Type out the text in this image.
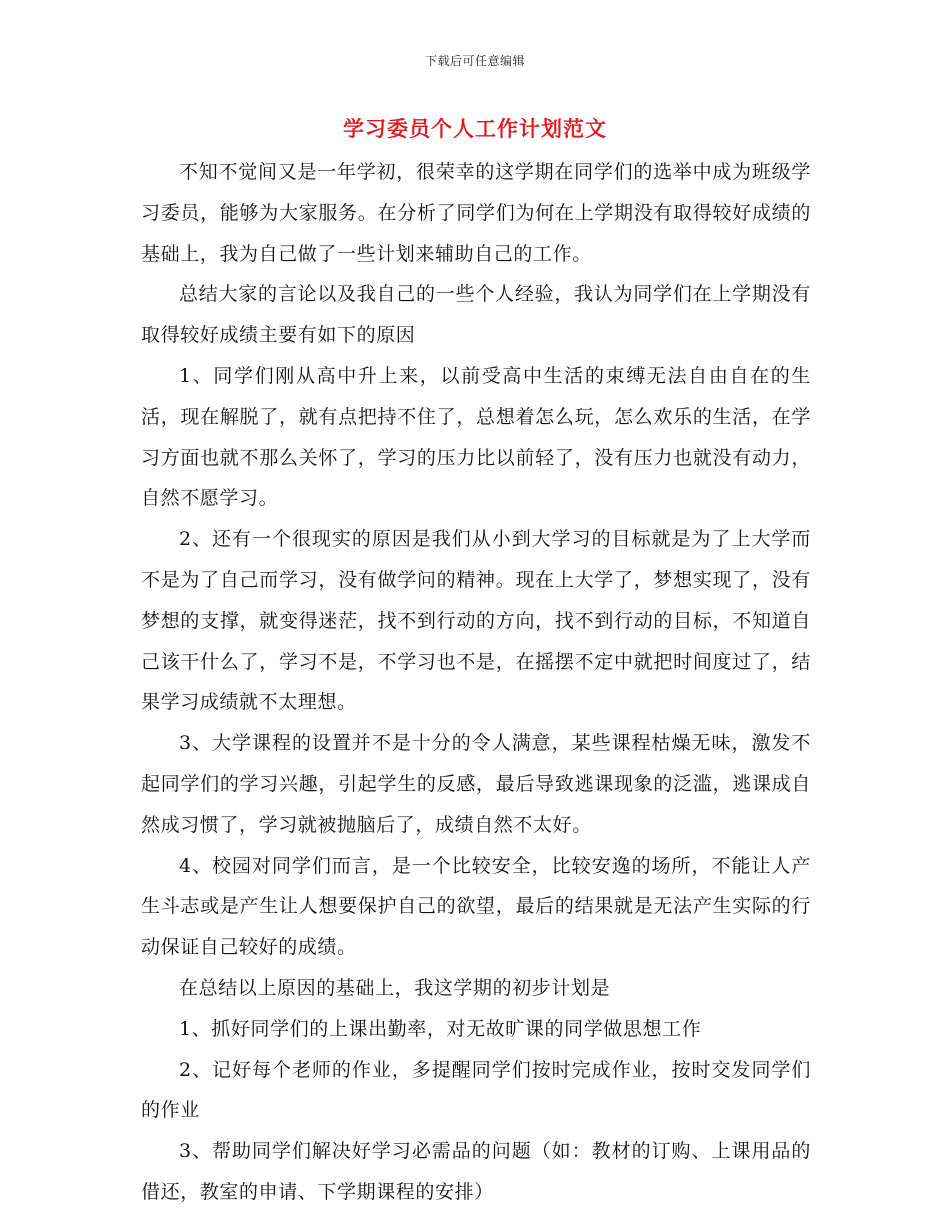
下载后可任意编辑
学习委员个人工作计划范文

不知不觉间又是一年学初，很荣幸的这学期在同学们的选举中成为班级学习委员，能够为大家服务。在分析了同学们为何在上学期没有取得较好成绩的基础上，我为自己做了一些计划来辅助自己的工作。

总结大家的言论以及我自己的一些个人经验，我认为同学们在上学期没有取得较好成绩主要有如下的原因

1、同学们刚从高中升上来，以前受高中生活的束缚无法自由自在的生活，现在解脱了，就有点把持不住了，总想着怎么玩，怎么欢乐的生活，在学习方面也就不那么关怀了，学习的压力比以前轻了，没有压力也就没有动力，自然不愿学习。

2、还有一个很现实的原因是我们从小到大学习的目标就是为了上大学而不是为了自己而学习，没有做学问的精神。现在上大学了，梦想实现了，没有梦想的支撑，就变得迷茫，找不到行动的方向，找不到行动的目标，不知道自己该干什么了，学习不是，不学习也不是，在摇摆不定中就把时间度过了，结果学习成绩就不太理想。

3、大学课程的设置并不是十分的令人满意，某些课程枯燥无味，激发不起同学们的学习兴趣，引起学生的反感，最后导致逃课现象的泛滥，逃课成自然成习惯了，学习就被抛脑后了，成绩自然不太好。

4、校园对同学们而言，是一个比较安全，比较安逸的场所，不能让人产生斗志或是产生让人想要保护自己的欲望，最后的结果就是无法产生实际的行动保证自己较好的成绩。

在总结以上原因的基础上，我这学期的初步计划是

1、抓好同学们的上课出勤率，对无故旷课的同学做思想工作

2、记好每个老师的作业，多提醒同学们按时完成作业，按时交发同学们的作业

3、帮助同学们解决好学习必需品的问题（如：教材的订购、上课用品的借还，教室的申请、下学期课程的安排）
